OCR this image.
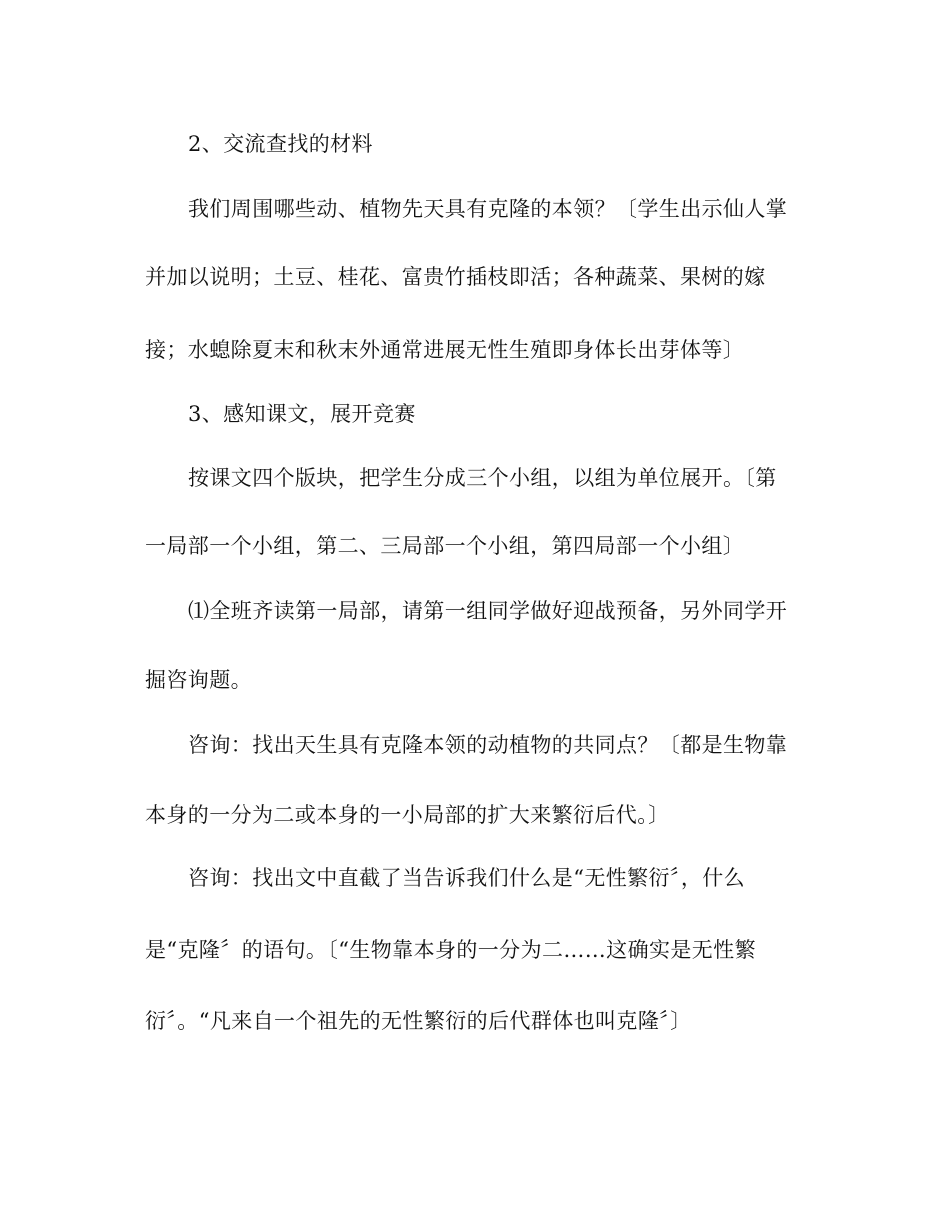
2、交流查找的材料
我们周围哪些动、植物先天具有克隆的本领？〔学生出示仙人掌
并加以说明；土豆、桂花、富贵竹插枝即活；各种蔬菜、果树的嫁
接；水螅除夏末和秋末外通常进展无性生殖即身体长出芽体等〕
3、感知课文，展开竞赛
按课文四个版块，把学生分成三个小组，以组为单位展开。〔第
一局部一个小组，第二、三局部一个小组，第四局部一个小组〕
⑴全班齐读第一局部，请第一组同学做好迎战预备，另外同学开
掘咨询题。
咨询：找出天生具有克隆本领的动植物的共同点？〔都是生物靠
本身的一分为二或本身的一小局部的扩大来繁衍后代。〕
咨询：找出文中直截了当告诉我们什么是“无性繁衍〞，什么
是“克隆〞的语句。〔“生物靠本身的一分为二……这确实是无性繁
衍〞。“凡来自一个祖先的无性繁衍的后代群体也叫克隆〞〕
